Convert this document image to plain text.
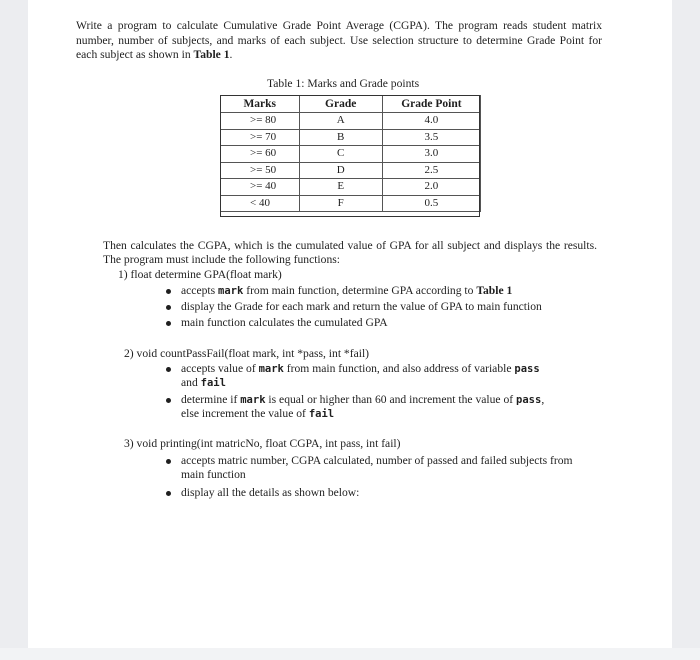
Write a program to calculate Cumulative Grade Point Average (CGPA). The program reads student matrix number, number of subjects, and marks of each subject. Use selection structure to determine Grade Point for each subject as shown in Table 1.
Table 1: Marks and Grade points
Marks	Grade	Grade Point
>= 80	A	4.0
>= 70	B	3.5
>= 60	C	3.0
>= 50	D	2.5
>= 40	E	2.0
< 40	F	0.5
Then calculates the CGPA, which is the cumulated value of GPA for all subject and displays the results. The program must include the following functions:
1) float determine GPA(float mark)
accepts mark from main function, determine GPA according to Table 1
display the Grade for each mark and return the value of GPA to main function
main function calculates the cumulated GPA
2) void countPassFail(float mark, int *pass, int *fail)
accepts value of mark from main function, and also address of variable pass
and fail
determine if mark is equal or higher than 60 and increment the value of pass,
else increment the value of fail
3) void printing(int matricNo, float CGPA, int pass, int fail)
accepts matric number, CGPA calculated, number of passed and failed subjects from main function
display all the details as shown below:
